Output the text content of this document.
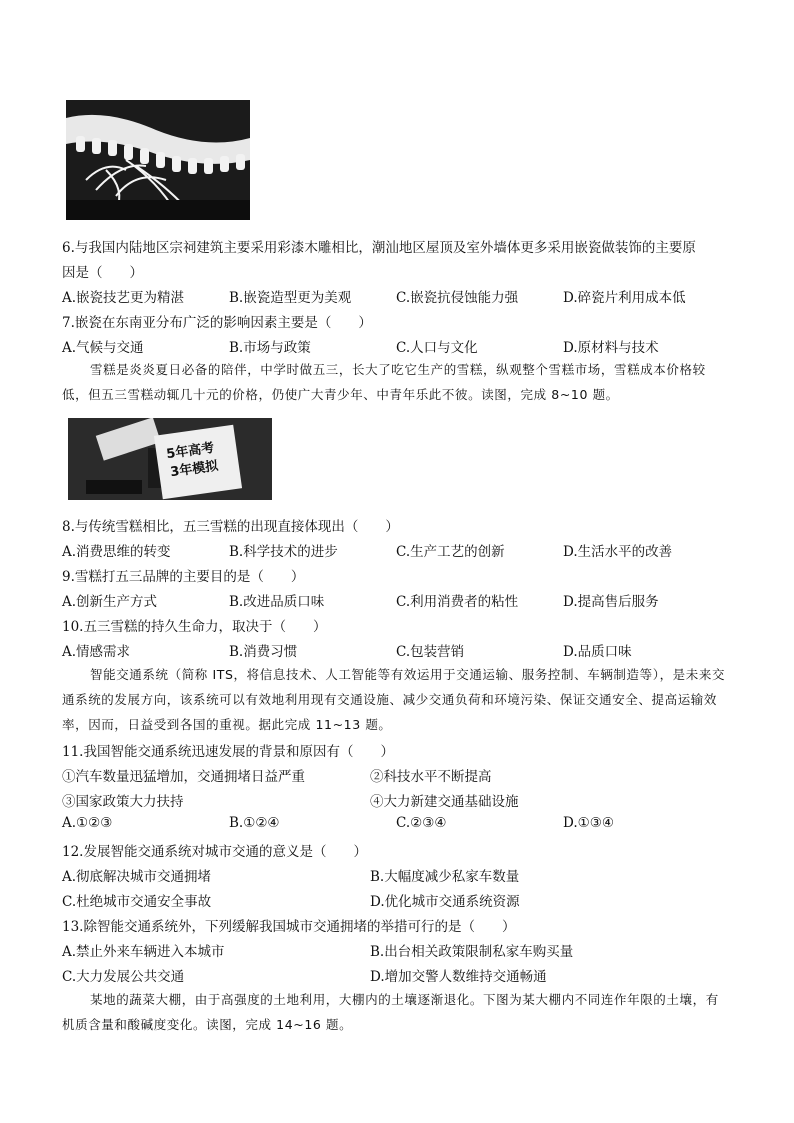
6.与我国内陆地区宗祠建筑主要采用彩漆木雕相比，潮汕地区屋顶及室外墙体更多采用嵌瓷做装饰的主要原
因是（　　）
A.嵌瓷技艺更为精湛	B.嵌瓷造型更为美观	C.嵌瓷抗侵蚀能力强	D.碎瓷片利用成本低
7.嵌瓷在东南亚分布广泛的影响因素主要是（　　）
A.气候与交通	B.市场与政策	C.人口与文化	D.原材料与技术
雪糕是炎炎夏日必备的陪伴，中学时做五三，长大了吃它生产的雪糕，纵观整个雪糕市场，雪糕成本价格较低，但五三雪糕动辄几十元的价格，仍使广大青少年、中青年乐此不彼。读图，完成 8~10 题。
5年高考
3年模拟
8.与传统雪糕相比，五三雪糕的出现直接体现出（　　）
A.消费思维的转变	B.科学技术的进步	C.生产工艺的创新	D.生活水平的改善
9.雪糕打五三品牌的主要目的是（　　）
A.创新生产方式	B.改进品质口味	C.利用消费者的粘性	D.提高售后服务
10.五三雪糕的持久生命力，取决于（　　）
A.情感需求	B.消费习惯	C.包装营销	D.品质口味
智能交通系统（简称 ITS，将信息技术、人工智能等有效运用于交通运输、服务控制、车辆制造等），是未来交通系统的发展方向，该系统可以有效地利用现有交通设施、减少交通负荷和环境污染、保证交通安全、提高运输效率，因而，日益受到各国的重视。据此完成 11~13 题。
11.我国智能交通系统迅速发展的背景和原因有（　　）
①汽车数量迅猛增加，交通拥堵日益严重	②科技水平不断提高
③国家政策大力扶持	④大力新建交通基础设施
A.①②③	B.①②④	C.②③④	D.①③④
12.发展智能交通系统对城市交通的意义是（　　）
A.彻底解决城市交通拥堵	B.大幅度减少私家车数量
C.杜绝城市交通安全事故	D.优化城市交通系统资源
13.除智能交通系统外，下列缓解我国城市交通拥堵的举措可行的是（　　）
A.禁止外来车辆进入本城市	B.出台相关政策限制私家车购买量
C.大力发展公共交通	D.增加交警人数维持交通畅通
某地的蔬菜大棚，由于高强度的土地利用，大棚内的土壤逐渐退化。下图为某大棚内不同连作年限的土壤，有机质含量和酸碱度变化。读图，完成 14~16 题。
